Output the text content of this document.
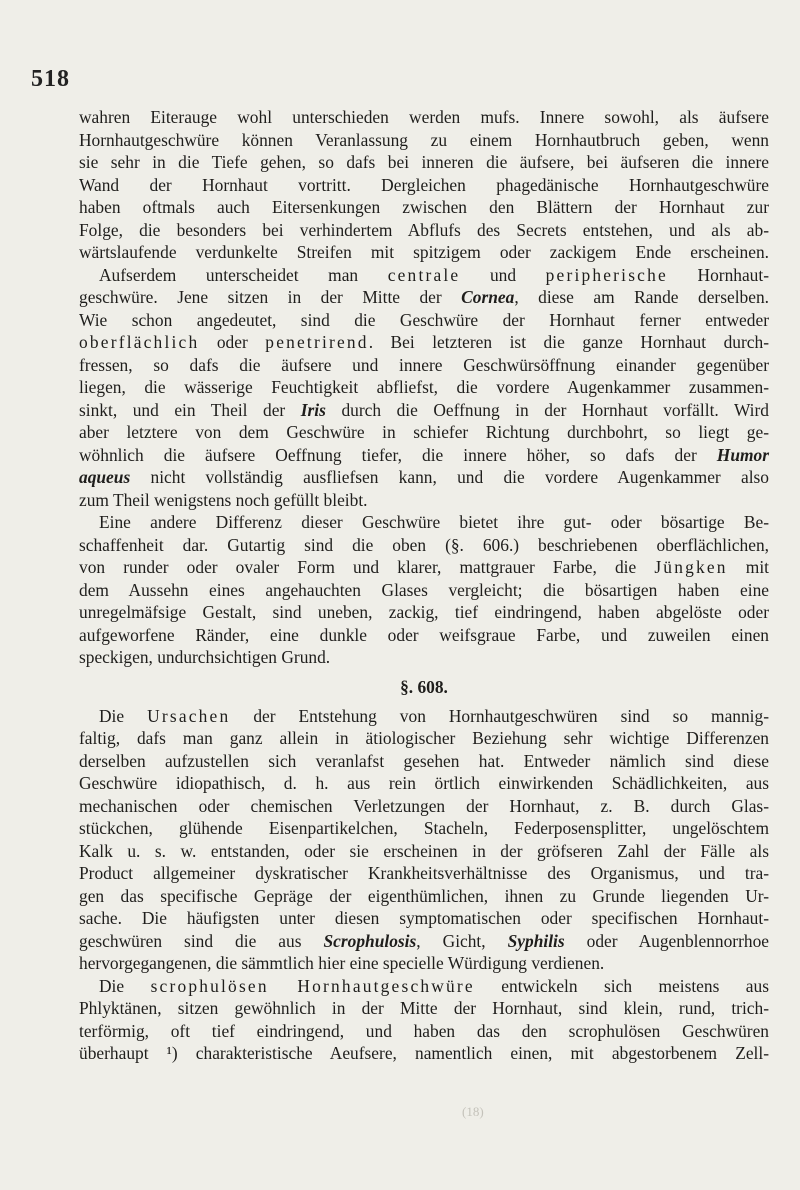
518
wahren Eiterauge wohl unterschieden werden mufs. Innere sowohl, als äufsere
Hornhautgeschwüre können Veranlassung zu einem Hornhautbruch geben, wenn
sie sehr in die Tiefe gehen, so dafs bei inneren die äufsere, bei äufseren die innere
Wand der Hornhaut vortritt. Dergleichen phagedänische Hornhautgeschwüre
haben oftmals auch Eitersenkungen zwischen den Blättern der Hornhaut zur
Folge, die besonders bei verhindertem Abflufs des Secrets entstehen, und als ab-
wärtslaufende verdunkelte Streifen mit spitzigem oder zackigem Ende erscheinen.
Aufserdem unterscheidet man centrale und peripherische Hornhaut-
geschwüre. Jene sitzen in der Mitte der Cornea, diese am Rande derselben.
Wie schon angedeutet, sind die Geschwüre der Hornhaut ferner entweder
oberflächlich oder penetrirend. Bei letzteren ist die ganze Hornhaut durch-
fressen, so dafs die äufsere und innere Geschwürsöffnung einander gegenüber
liegen, die wässerige Feuchtigkeit abfliefst, die vordere Augenkammer zusammen-
sinkt, und ein Theil der Iris durch die Oeffnung in der Hornhaut vorfällt. Wird
aber letztere von dem Geschwüre in schiefer Richtung durchbohrt, so liegt ge-
wöhnlich die äufsere Oeffnung tiefer, die innere höher, so dafs der Humor
aqueus nicht vollständig ausfliefsen kann, und die vordere Augenkammer also
zum Theil wenigstens noch gefüllt bleibt.
Eine andere Differenz dieser Geschwüre bietet ihre gut- oder bösartige Be-
schaffenheit dar. Gutartig sind die oben (§. 606.) beschriebenen oberflächlichen,
von runder oder ovaler Form und klarer, mattgrauer Farbe, die Jüngken mit
dem Aussehn eines angehauchten Glases vergleicht; die bösartigen haben eine
unregelmäfsige Gestalt, sind uneben, zackig, tief eindringend, haben abgelöste oder
aufgeworfene Ränder, eine dunkle oder weifsgraue Farbe, und zuweilen einen
speckigen, undurchsichtigen Grund.
§. 608.
Die Ursachen der Entstehung von Hornhautgeschwüren sind so mannig-
faltig, dafs man ganz allein in ätiologischer Beziehung sehr wichtige Differenzen
derselben aufzustellen sich veranlafst gesehen hat. Entweder nämlich sind diese
Geschwüre idiopathisch, d. h. aus rein örtlich einwirkenden Schädlichkeiten, aus
mechanischen oder chemischen Verletzungen der Hornhaut, z. B. durch Glas-
stückchen, glühende Eisenpartikelchen, Stacheln, Federposensplitter, ungelöschtem
Kalk u. s. w. entstanden, oder sie erscheinen in der gröfseren Zahl der Fälle als
Product allgemeiner dyskratischer Krankheitsverhältnisse des Organismus, und tra-
gen das specifische Gepräge der eigenthümlichen, ihnen zu Grunde liegenden Ur-
sache. Die häufigsten unter diesen symptomatischen oder specifischen Hornhaut-
geschwüren sind die aus Scrophulosis, Gicht, Syphilis oder Augenblennorrhoe
hervorgegangenen, die sämmtlich hier eine specielle Würdigung verdienen.
Die scrophulösen Hornhautgeschwüre entwickeln sich meistens aus
Phlyktänen, sitzen gewöhnlich in der Mitte der Hornhaut, sind klein, rund, trich-
terförmig, oft tief eindringend, und haben das den scrophulösen Geschwüren
überhaupt ¹) charakteristische Aeufsere, namentlich einen, mit abgestorbenem Zell-
(18)
